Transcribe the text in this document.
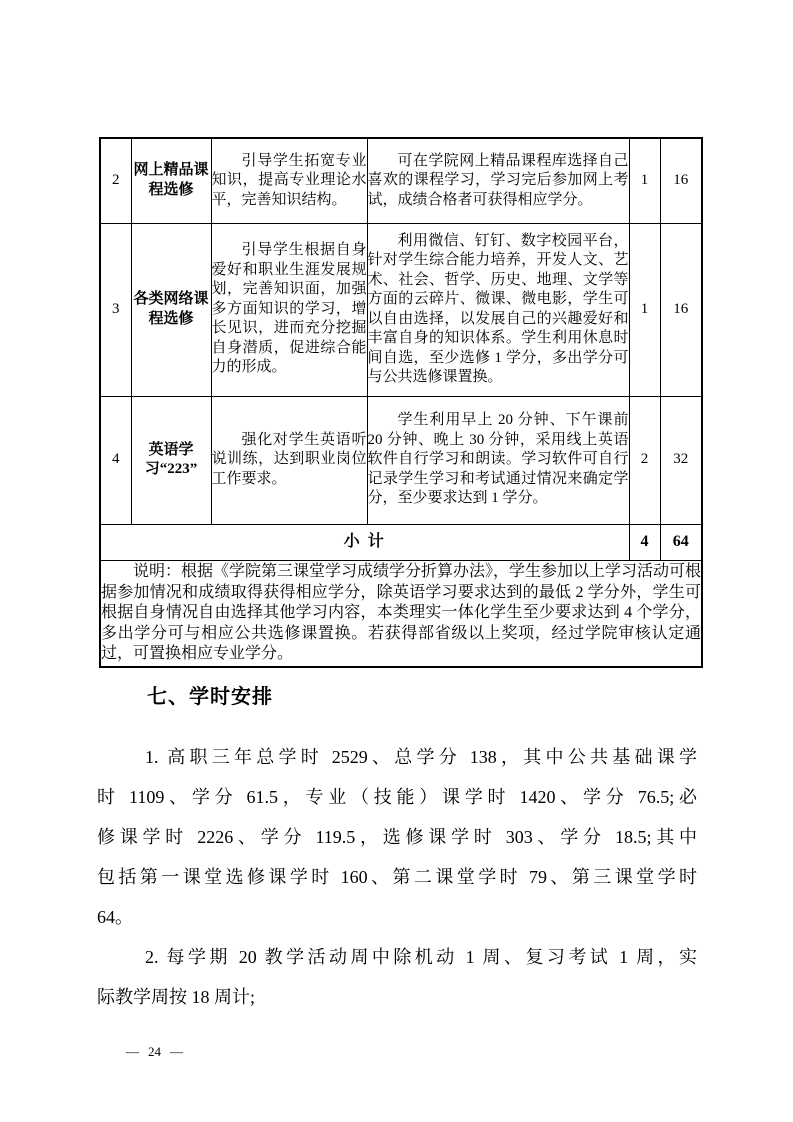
2	网上精品课程选修	引导学生拓宽专业知识，提高专业理论水平，完善知识结构。	可在学院网上精品课程库选择自己喜欢的课程学习，学习完后参加网上考试，成绩合格者可获得相应学分。	1	16
3	各类网络课程选修	引导学生根据自身爱好和职业生涯发展规划，完善知识面，加强多方面知识的学习，增长见识，进而充分挖掘自身潜质，促进综合能力的形成。	利用微信、钉钉、数字校园平台，针对学生综合能力培养，开发人文、艺术、社会、哲学、历史、地理、文学等方面的云碎片、微课、微电影，学生可以自由选择，以发展自己的兴趣爱好和丰富自身的知识体系。学生利用休息时间自选，至少选修 1 学分，多出学分可与公共选修课置换。	1	16
4	英语学习“223”	强化对学生英语听说训练，达到职业岗位工作要求。	学生利用早上 20 分钟、下午课前 20 分钟、晚上 30 分钟，采用线上英语软件自行学习和朗读。学习软件可自行记录学生学习和考试通过情况来确定学分，至少要求达到 1 学分。	2	32
小 计				4	64

说明：根据《学院第三课堂学习成绩学分折算办法》，学生参加以上学习活动可根据参加情况和成绩取得获得相应学分，除英语学习要求达到的最低 2 学分外，学生可根据自身情况自由选择其他学习内容，本类理实一体化学生至少要求达到 4 个学分，多出学分可与相应公共选修课置换。若获得部省级以上奖项，经过学院审核认定通过，可置换相应专业学分。					

七、学时安排
1. 高职三年总学时 2529、总学分 138，其中公共基础课学
时 1109、学分 61.5，专业（技能）课学时 1420、学分 76.5;必
修课学时 2226、学分 119.5，选修课学时 303、学分 18.5;其中
包括第一课堂选修课学时 160、第二课堂学时 79、第三课堂学时
64。
2. 每学期 20 教学活动周中除机动 1 周、复习考试 1 周，实
际教学周按 18 周计;
— 24 —
